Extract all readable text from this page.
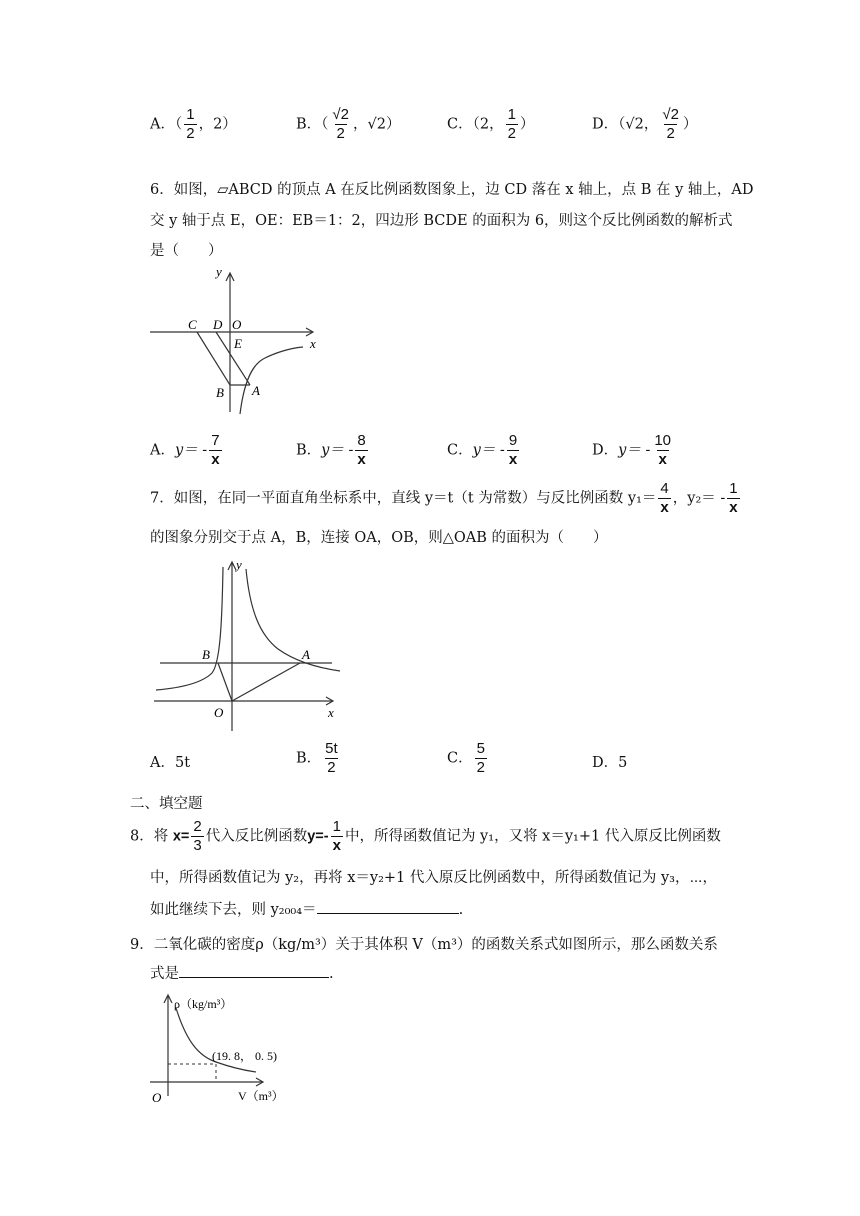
A．（ $\frac{1}{2}$ ，2）	B．（ $\frac{√2}{2}$ ，√2）	C．（2， $\frac{1}{2}$ ）	D．（√2， $\frac{√2}{2}$ ）
6．如图，▱ABCD 的顶点 A 在反比例函数图象上，边 CD 落在 x 轴上，点 B 在 y 轴上，AD
交 y 轴于点 E，OE：EB＝1：2，四边形 BCDE 的面积为 6，则这个反比例函数的解析式
是（　　）
y
C D O
x
E
B A
A．$y= - \frac{7}{x}$	B．$y= - \frac{8}{x}$	C．$y= - \frac{9}{x}$	D．$y= - \frac{10}{x}$
7．如图，在同一平面直角坐标系中，直线 y＝t（t 为常数）与反比例函数 $y_1= \frac{4}{x}$ ，$y_2= - \frac{1}{x}$
的图象分别交于点 A，B，连接 OA，OB，则△OAB 的面积为（　　）
y
B	A
O	x
A．5t	B． $\frac{5t}{2}$	C． $\frac{5}{2}$	D．5
二、填空题
8．将 $x= \frac{2}{3}$ 代入反比例函数$y=- \frac{1}{x}$ 中，所得函数值记为 y₁，又将 x＝y₁+1 代入原反比例函数
中，所得函数值记为 y₂，再将 x＝y₂+1 代入原反比例函数中，所得函数值记为 y₃，⋯，
如此继续下去，则 y₂₀₀₄＝	.
9．二氧化碳的密度ρ（kg/m³）关于其体积 V（m³）的函数关系式如图所示，那么函数关系
式是	.
ρ（kg/m³）
(19. 8， 0. 5)
O	V（m³）
